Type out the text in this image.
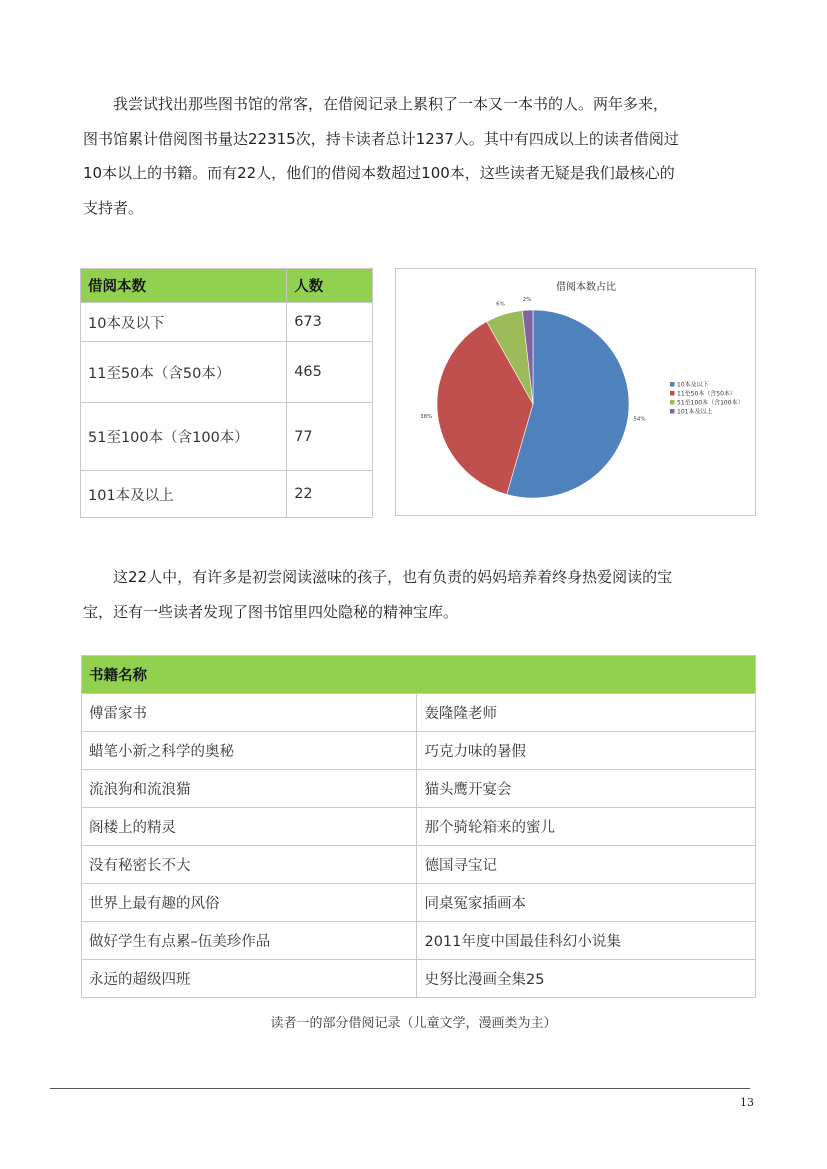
　　我尝试找出那些图书馆的常客，在借阅记录上累积了一本又一本书的人。两年多来，
图书馆累计借阅图书量达22315次，持卡读者总计1237人。其中有四成以上的读者借阅过
10本以上的书籍。而有22人，他们的借阅本数超过100本，这些读者无疑是我们最核心的
支持者。
借阅本数	人数
10本及以下	673
11至50本（含50本）	465
51至100本（含100本）	77
101本及以上	22
借阅本数占比
54%
38%
6%
2%
10本及以下
11至50本（含50本）
51至100本（含100本）
101本及以上
　　这22人中，有许多是初尝阅读滋味的孩子，也有负责的妈妈培养着终身热爱阅读的宝
宝，还有一些读者发现了图书馆里四处隐秘的精神宝库。
书籍名称	
傅雷家书	轰隆隆老师
蜡笔小新之科学的奥秘	巧克力味的暑假
流浪狗和流浪猫	猫头鹰开宴会
阁楼上的精灵	那个骑轮箱来的蜜儿
没有秘密长不大	德国寻宝记
世界上最有趣的风俗	同桌冤家插画本
做好学生有点累–伍美珍作品	2011年度中国最佳科幻小说集
永远的超级四班	史努比漫画全集25
读者一的部分借阅记录（儿童文学，漫画类为主）
13
